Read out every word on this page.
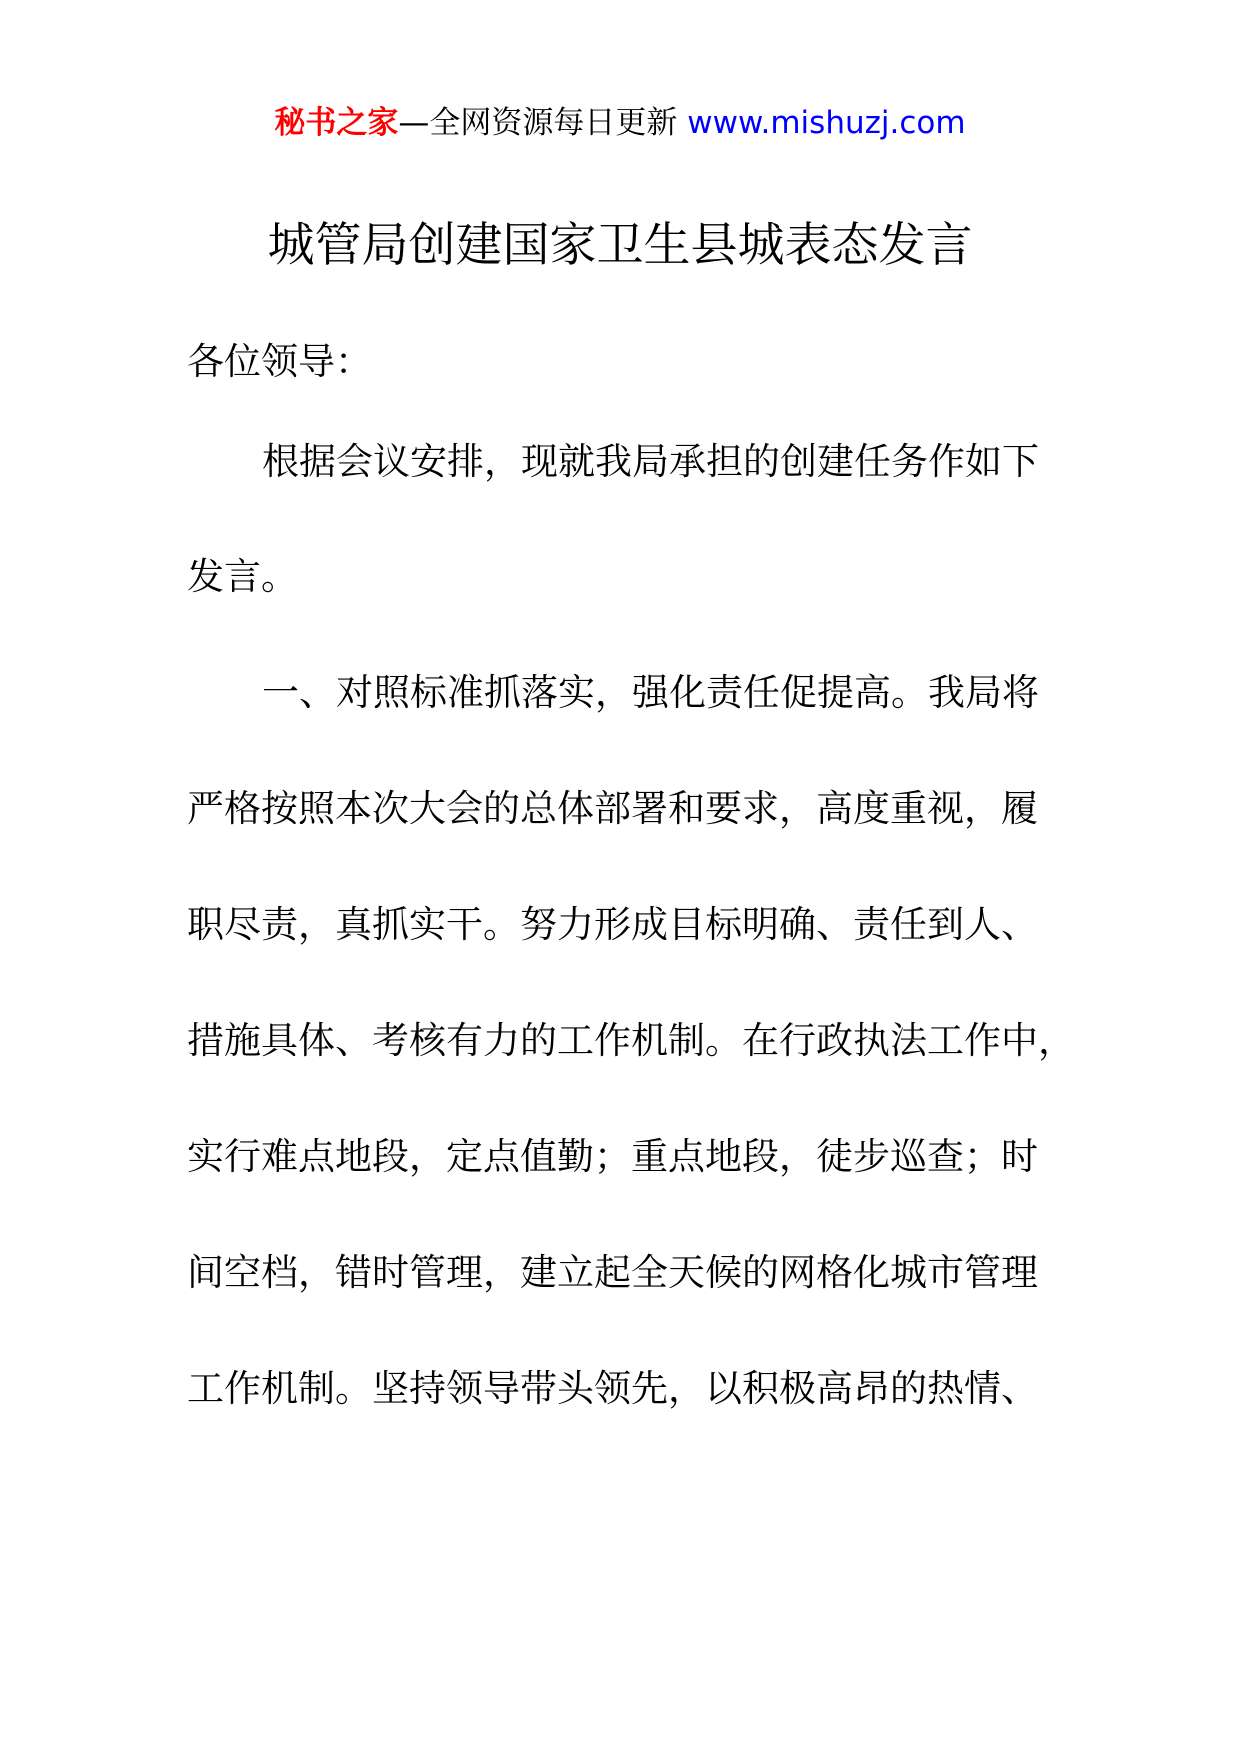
秘书之家—全网资源每日更新 www.mishuzj.com
城管局创建国家卫生县城表态发言
各位领导：
根据会议安排，现就我局承担的创建任务作如下
发言。
一、对照标准抓落实，强化责任促提高。我局将
严格按照本次大会的总体部署和要求，高度重视，履
职尽责，真抓实干。努力形成目标明确、责任到人、
措施具体、考核有力的工作机制。在行政执法工作中，
实行难点地段，定点值勤；重点地段，徒步巡查；时
间空档，错时管理，建立起全天候的网格化城市管理
工作机制。坚持领导带头领先，以积极高昂的热情、
